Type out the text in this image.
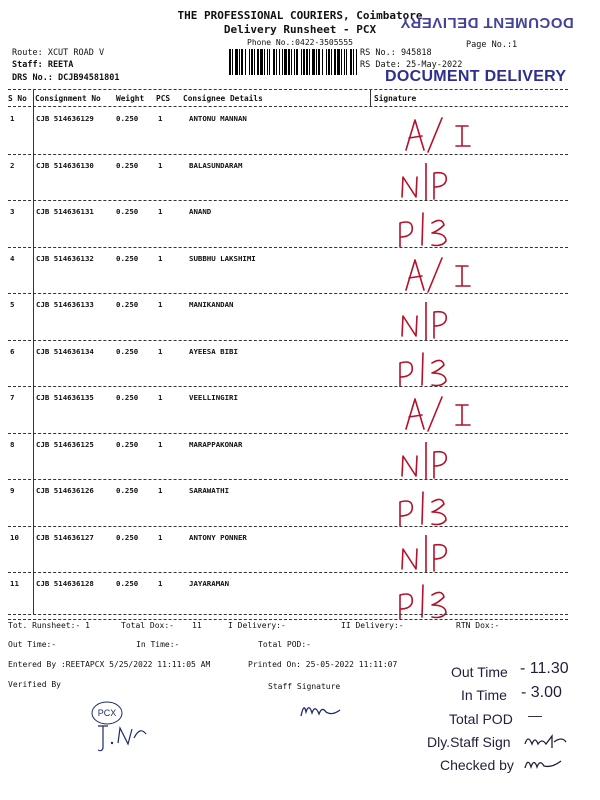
THE PROFESSIONAL COURIERS, Coimbatore
Delivery Runsheet - PCX
Phone No.:0422-3505555
Route: XCUT ROAD V
Staff: REETA
DRS No.: DCJB94581801
RS No.: 945818
RS Date: 25-May-2022
Page No.:1
DOCUMENT DELIVERY
DOCUMENT DELIVERY
S No Consignment No Weight PCS Consignee Details	Signature
1	CJB 514636129	0.250	1	ANTONU MANNAN
2	CJB 514636130	0.250	1	BALASUNDARAM
3	CJB 514636131	0.250	1	ANAND
4	CJB 514636132	0.250	1	SUBBHU LAKSHIMI
5	CJB 514636133	0.250	1	MANIKANDAN
6	CJB 514636134	0.250	1	AYEESA BIBI
7	CJB 514636135	0.250	1	VEELLINGIRI
8	CJB 514636125	0.250	1	MARAPPAKONAR
9	CJB 514636126	0.250	1	SARAWATHI
10 CJB 514636127	0.250	1	ANTONY PONNER
11 CJB 514636128	0.250	1	JAYARAMAN
Tot. Runsheet:- 1	Total Dox:- 11	I Delivery:-	II Delivery:-	RTN Dox:-
Out Time:-	In Time:-	Total POD:-
Entered By :REETAPCX 5/25/2022 11:11:05 AM	Printed On: 25-05-2022 11:11:07
Verified By	Staff Signature
PCX
Out Time - 11.30
In Time - 3.00
Total POD —
Dly.Staff Sign
Checked by
